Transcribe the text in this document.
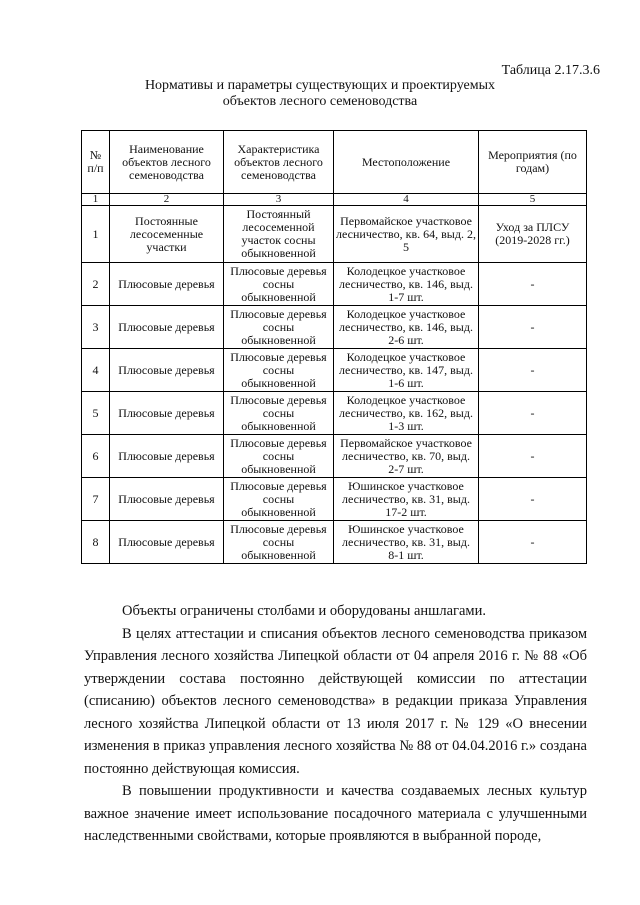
Таблица 2.17.3.6
Нормативы и параметры существующих и проектируемых объектов лесного семеноводства
№ п/п	Наименование объектов лесного семеноводства	Характеристика объектов лесного семеноводства	Местоположение	Мероприятия (по годам)
1	2	3	4	5
1	Постоянные лесосеменные участки	Постоянный лесосеменной участок сосны обыкновенной	Первомайское участковое лесничество, кв. 64, выд. 2, 5	Уход за ПЛСУ (2019-2028 гг.)
2	Плюсовые деревья	Плюсовые деревья сосны обыкновенной	Колодецкое участковое лесничество, кв. 146, выд. 1-7 шт.	-
3	Плюсовые деревья	Плюсовые деревья сосны обыкновенной	Колодецкое участковое лесничество, кв. 146, выд. 2-6 шт.	-
4	Плюсовые деревья	Плюсовые деревья сосны обыкновенной	Колодецкое участковое лесничество, кв. 147, выд. 1-6 шт.	-
5	Плюсовые деревья	Плюсовые деревья сосны обыкновенной	Колодецкое участковое лесничество, кв. 162, выд. 1-3 шт.	-
6	Плюсовые деревья	Плюсовые деревья сосны обыкновенной	Первомайское участковое лесничество, кв. 70, выд. 2-7 шт.	-
7	Плюсовые деревья	Плюсовые деревья сосны обыкновенной	Юшинское участковое лесничество, кв. 31, выд. 17-2 шт.	-
8	Плюсовые деревья	Плюсовые деревья сосны обыкновенной	Юшинское участковое лесничество, кв. 31, выд. 8-1 шт.	-

Объекты ограничены столбами и оборудованы аншлагами.

В целях аттестации и списания объектов лесного семеноводства приказом Управления лесного хозяйства Липецкой области от 04 апреля 2016 г. № 88 «Об утверждении состава постоянно действующей комиссии по аттестации (списанию) объектов лесного семеноводства» в редакции приказа Управления лесного хозяйства Липецкой области от 13 июля 2017 г. № 129 «О внесении изменения в приказ управления лесного хозяйства № 88 от 04.04.2016 г.» создана постоянно действующая комиссия.

В повышении продуктивности и качества создаваемых лесных культур важное значение имеет использование посадочного материала с улучшенными наследственными свойствами, которые проявляются в выбранной породе,
